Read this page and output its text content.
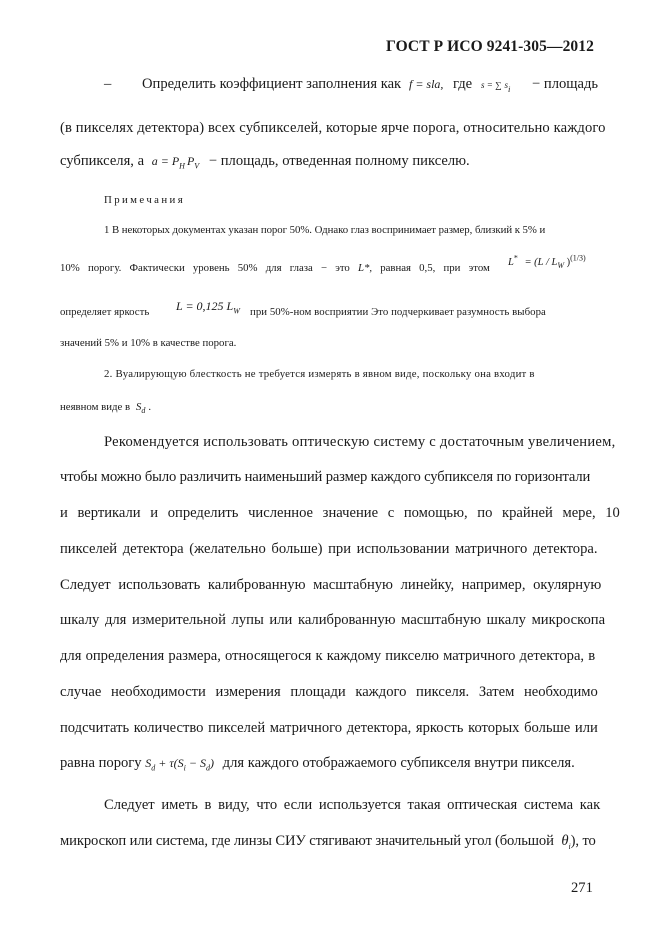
ГОСТ Р ИСО 9241-305—2012
– Определить коэффициент заполнения как f = sla, где s = ∑ $s_i$ − площадь
(в пикселях детектора) всех субпикселей, которые ярче порога, относительно каждого
субпикселя, а $a = P_H$ $P_V$ − площадь, отведенная полному пикселю.
Примечания
1 В некоторых документах указан порог 50%. Однако глаз воспринимает размер, близкий к 5% и
10% порогу. Фактически уровень 50% для глаза − это L*, равная 0,5, при этом $L^* = (L / L_W$ )$^{(1/3)}$
определяет яркость L = 0,125 $L_W$ при 50%-ном восприятии Это подчеркивает разумность выбора
значений 5% и 10% в качестве порога.
2. Вуалирующую блесткость не требуется измерять в явном виде, поскольку она входит в
неявном виде в $S_d$ .
Рекомендуется использовать оптическую систему с достаточным увеличением,
чтобы можно было различить наименьший размер каждого субпикселя по горизонтали
и вертикали и определить численное значение с помощью, по крайней мере, 10
пикселей детектора (желательно больше) при использовании матричного детектора.
Следует использовать калиброванную масштабную линейку, например, окулярную
шкалу для измерительной лупы или калиброванную масштабную шкалу микроскопа
для определения размера, относящегося к каждому пикселю матричного детектора, в
случае необходимости измерения площади каждого пикселя. Затем необходимо
подсчитать количество пикселей матричного детектора, яркость которых больше или
равна порогу $S_d + \tau(S_i - S_d)$ для каждого отображаемого субпикселя внутри пикселя.
Следует иметь в виду, что если используется такая оптическая система как
микроскоп или система, где линзы СИУ стягивают значительный угол (большой $\theta_i$), то
271
